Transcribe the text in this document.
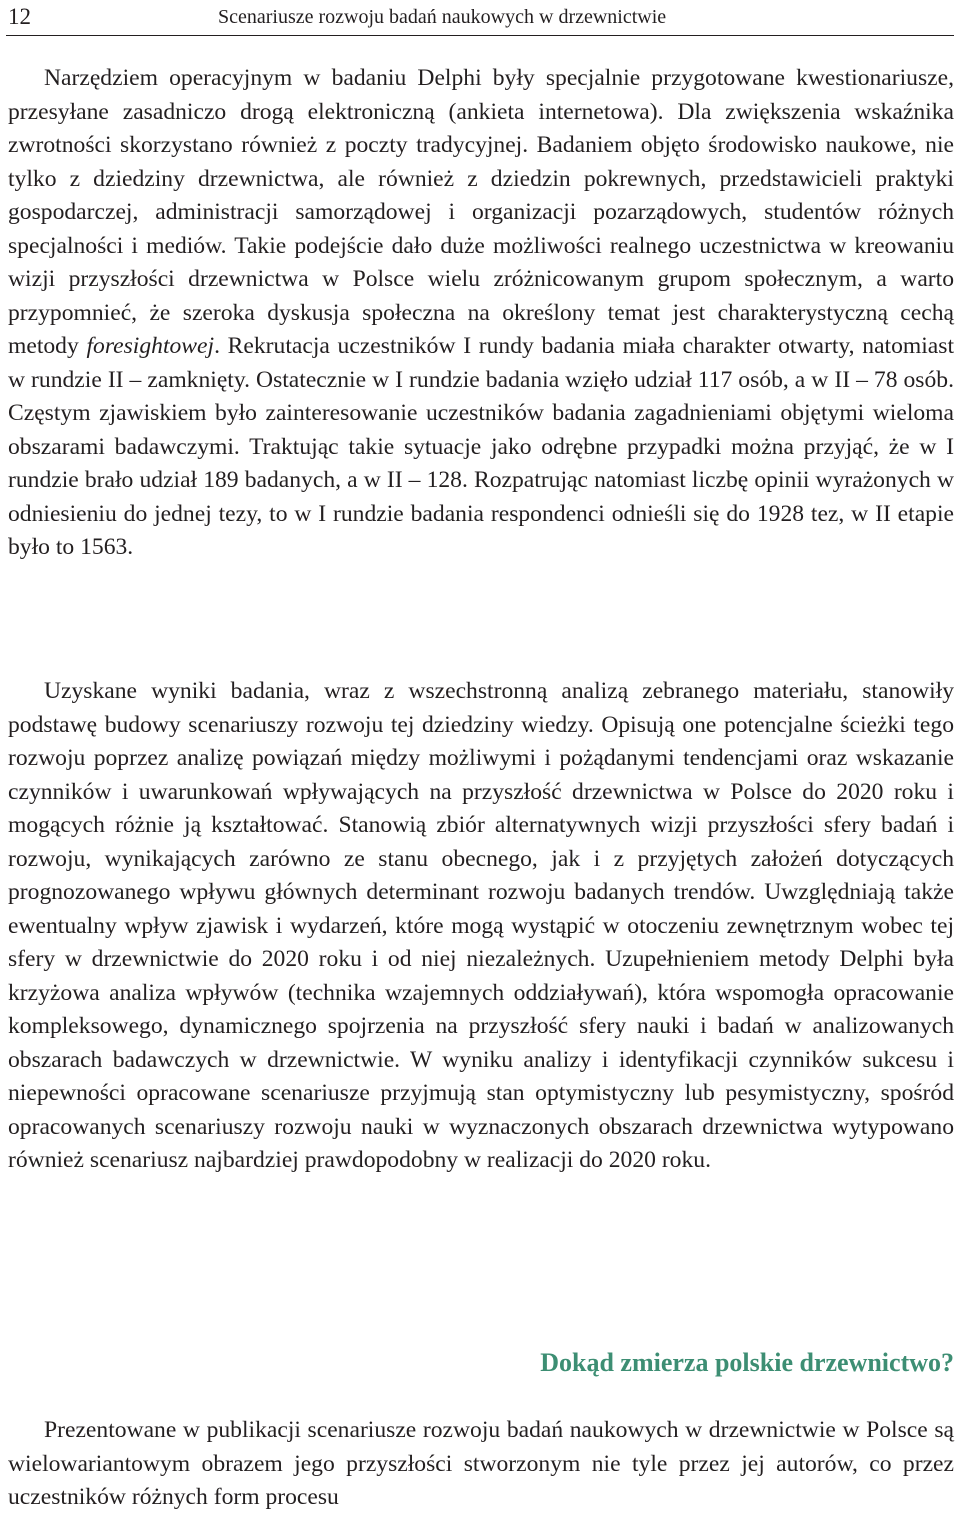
12	Scenariusze rozwoju badań naukowych w drzewnictwie

Narzędziem operacyjnym w badaniu Delphi były specjalnie przygotowane kwestionariusze, przesyłane zasadniczo drogą elektroniczną (ankieta internetowa). Dla zwiększenia wskaźnika zwrotności skorzystano również z poczty tradycyjnej. Badaniem objęto środowisko naukowe, nie tylko z dziedziny drzewnictwa, ale również z dziedzin pokrewnych, przedstawicieli praktyki gospodarczej, administracji samorządowej i organizacji pozarządowych, studentów różnych specjalności i mediów. Takie podejście dało duże możliwości realnego uczestnictwa w kreowaniu wizji przyszłości drzewnictwa w Polsce wielu zróżnicowanym grupom społecznym, a warto przypomnieć, że szeroka dyskusja społeczna na określony temat jest charakterystyczną cechą metody foresightowej. Rekrutacja uczestników I rundy badania miała charakter otwarty, natomiast w rundzie II – zamknięty. Ostatecznie w I rundzie badania wzięło udział 117 osób, a w II – 78 osób. Częstym zjawiskiem było zainteresowanie uczestników badania zagadnieniami objętymi wieloma obszarami badawczymi. Traktując takie sytuacje jako odrębne przypadki można przyjąć, że w I rundzie brało udział 189 badanych, a w II – 128. Rozpatrując natomiast liczbę opinii wyrażonych w odniesieniu do jednej tezy, to w I rundzie badania respondenci odnieśli się do 1928 tez, w II etapie było to 1563.

Uzyskane wyniki badania, wraz z wszechstronną analizą zebranego materiału, stanowiły podstawę budowy scenariuszy rozwoju tej dziedziny wiedzy. Opisują one potencjalne ścieżki tego rozwoju poprzez analizę powiązań między możliwymi i pożądanymi tendencjami oraz wskazanie czynników i uwarunkowań wpływających na przyszłość drzewnictwa w Polsce do 2020 roku i mogących różnie ją kształtować. Stanowią zbiór alternatywnych wizji przyszłości sfery badań i rozwoju, wynikających zarówno ze stanu obecnego, jak i z przyjętych założeń dotyczących prognozowanego wpływu głównych determinant rozwoju badanych trendów. Uwzględniają także ewentualny wpływ zjawisk i wydarzeń, które mogą wystąpić w otoczeniu zewnętrznym wobec tej sfery w drzewnictwie do 2020 roku i od niej niezależnych. Uzupełnieniem metody Delphi była krzyżowa analiza wpływów (technika wzajemnych oddziaływań), która wspomogła opracowanie kompleksowego, dynamicznego spojrzenia na przyszłość sfery nauki i badań w analizowanych obszarach badawczych w drzewnictwie. W wyniku analizy i identyfikacji czynników sukcesu i niepewności opracowane scenariusze przyjmują stan optymistyczny lub pesymistyczny, spośród opracowanych scenariuszy rozwoju nauki w wyznaczonych obszarach drzewnictwa wytypowano również scenariusz najbardziej prawdopodobny w realizacji do 2020 roku.

Dokąd zmierza polskie drzewnictwo?

Prezentowane w publikacji scenariusze rozwoju badań naukowych w drzewnictwie w Polsce są wielowariantowym obrazem jego przyszłości stworzonym nie tyle przez jej autorów, co przez uczestników różnych form procesu
